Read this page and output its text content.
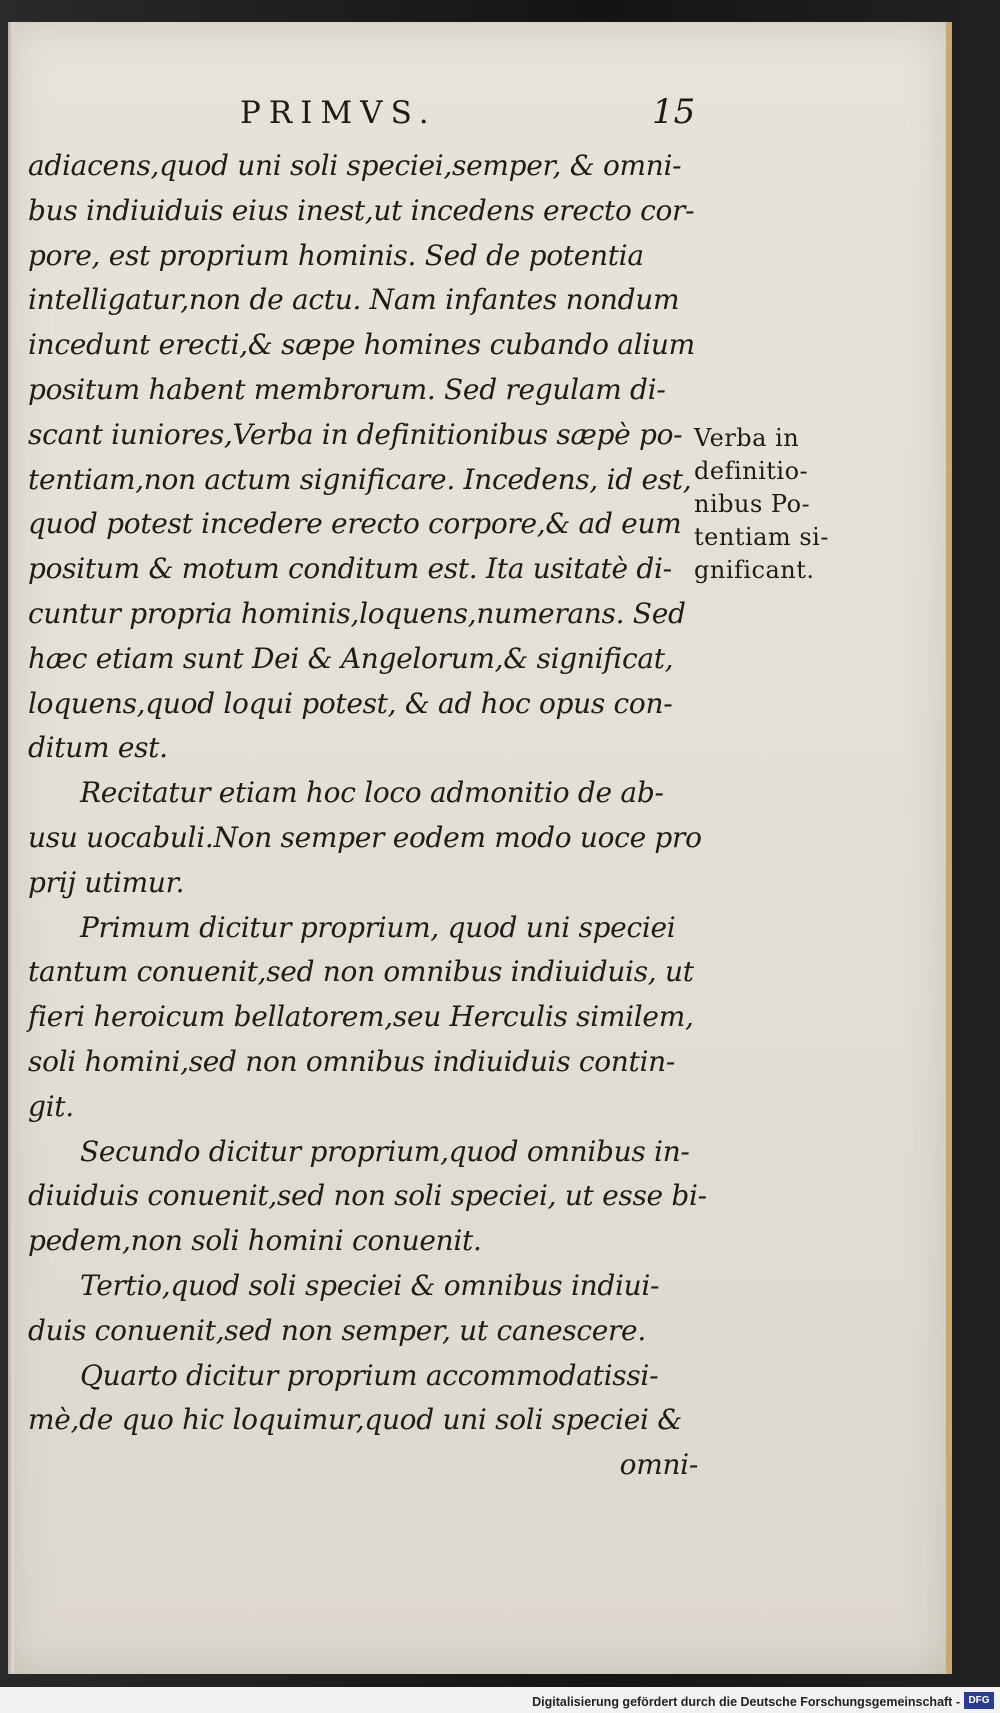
PRIMVS.	15
adiacens,quod uni soli speciei,semper, & omni-
bus indiuiduis eius inest,ut incedens erecto cor-
pore, est proprium hominis. Sed de potentia
intelligatur,non de actu. Nam infantes nondum
incedunt erecti,& sæpe homines cubando alium
positum habent membrorum. Sed regulam di-
scant iuniores,Verba in definitionibus sæpè po-
tentiam,non actum significare. Incedens, id est,
quod potest incedere erecto corpore,& ad eum
positum & motum conditum est. Ita usitatè di-
cuntur propria hominis,loquens,numerans. Sed
hæc etiam sunt Dei & Angelorum,& significat,
loquens,quod loqui potest, & ad hoc opus con-
ditum est.
Recitatur etiam hoc loco admonitio de ab-
usu uocabuli.Non semper eodem modo uoce pro
prij utimur.
Primum dicitur proprium, quod uni speciei
tantum conuenit,sed non omnibus indiuiduis, ut
fieri heroicum bellatorem,seu Herculis similem,
soli homini,sed non omnibus indiuiduis contin-
git.
Secundo dicitur proprium,quod omnibus in-
diuiduis conuenit,sed non soli speciei, ut esse bi-
pedem,non soli homini conuenit.
Tertio,quod soli speciei & omnibus indiui-
duis conuenit,sed non semper, ut canescere.
Quarto dicitur proprium accommodatissi-
mè,de quo hic loquimur,quod uni soli speciei &
omni-
Verba in
definitio-
nibus Po-
tentiam si-
gnificant.
Digitalisierung gefördert durch die Deutsche Forschungsgemeinschaft - DFG
